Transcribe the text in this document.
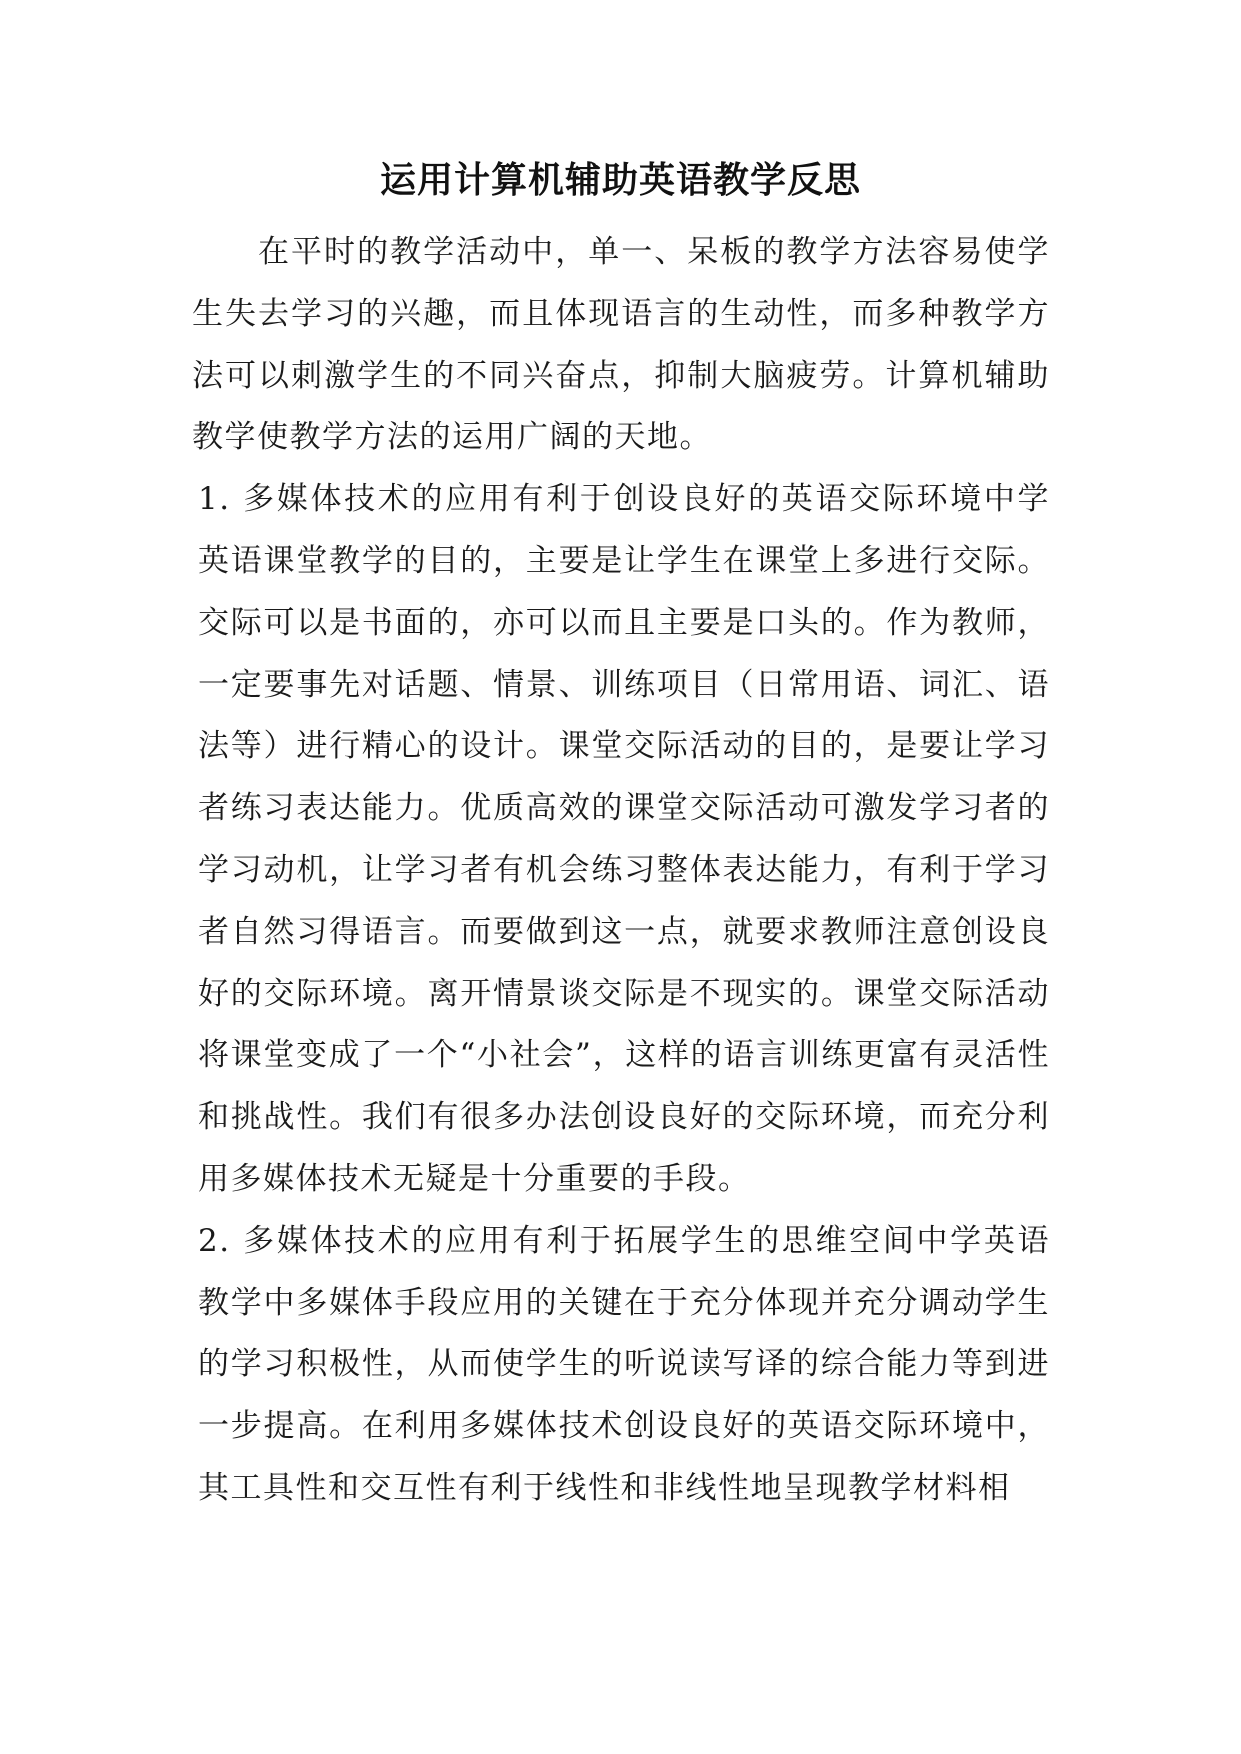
运用计算机辅助英语教学反思

在平时的教学活动中，单一、呆板的教学方法容易使学生失去学习的兴趣，而且体现语言的生动性，而多种教学方法可以刺激学生的不同兴奋点，抑制大脑疲劳。计算机辅助教学使教学方法的运用广阔的天地。

1. 多媒体技术的应用有利于创设良好的英语交际环境中学英语课堂教学的目的，主要是让学生在课堂上多进行交际。交际可以是书面的，亦可以而且主要是口头的。作为教师，一定要事先对话题、情景、训练项目（日常用语、词汇、语法等）进行精心的设计。课堂交际活动的目的，是要让学习者练习表达能力。优质高效的课堂交际活动可激发学习者的学习动机，让学习者有机会练习整体表达能力，有利于学习者自然习得语言。而要做到这一点，就要求教师注意创设良好的交际环境。离开情景谈交际是不现实的。课堂交际活动将课堂变成了一个“小社会”，这样的语言训练更富有灵活性和挑战性。我们有很多办法创设良好的交际环境，而充分利用多媒体技术无疑是十分重要的手段。

2. 多媒体技术的应用有利于拓展学生的思维空间中学英语教学中多媒体手段应用的关键在于充分体现并充分调动学生的学习积极性，从而使学生的听说读写译的综合能力等到进一步提高。在利用多媒体技术创设良好的英语交际环境中，其工具性和交互性有利于线性和非线性地呈现教学材料相
